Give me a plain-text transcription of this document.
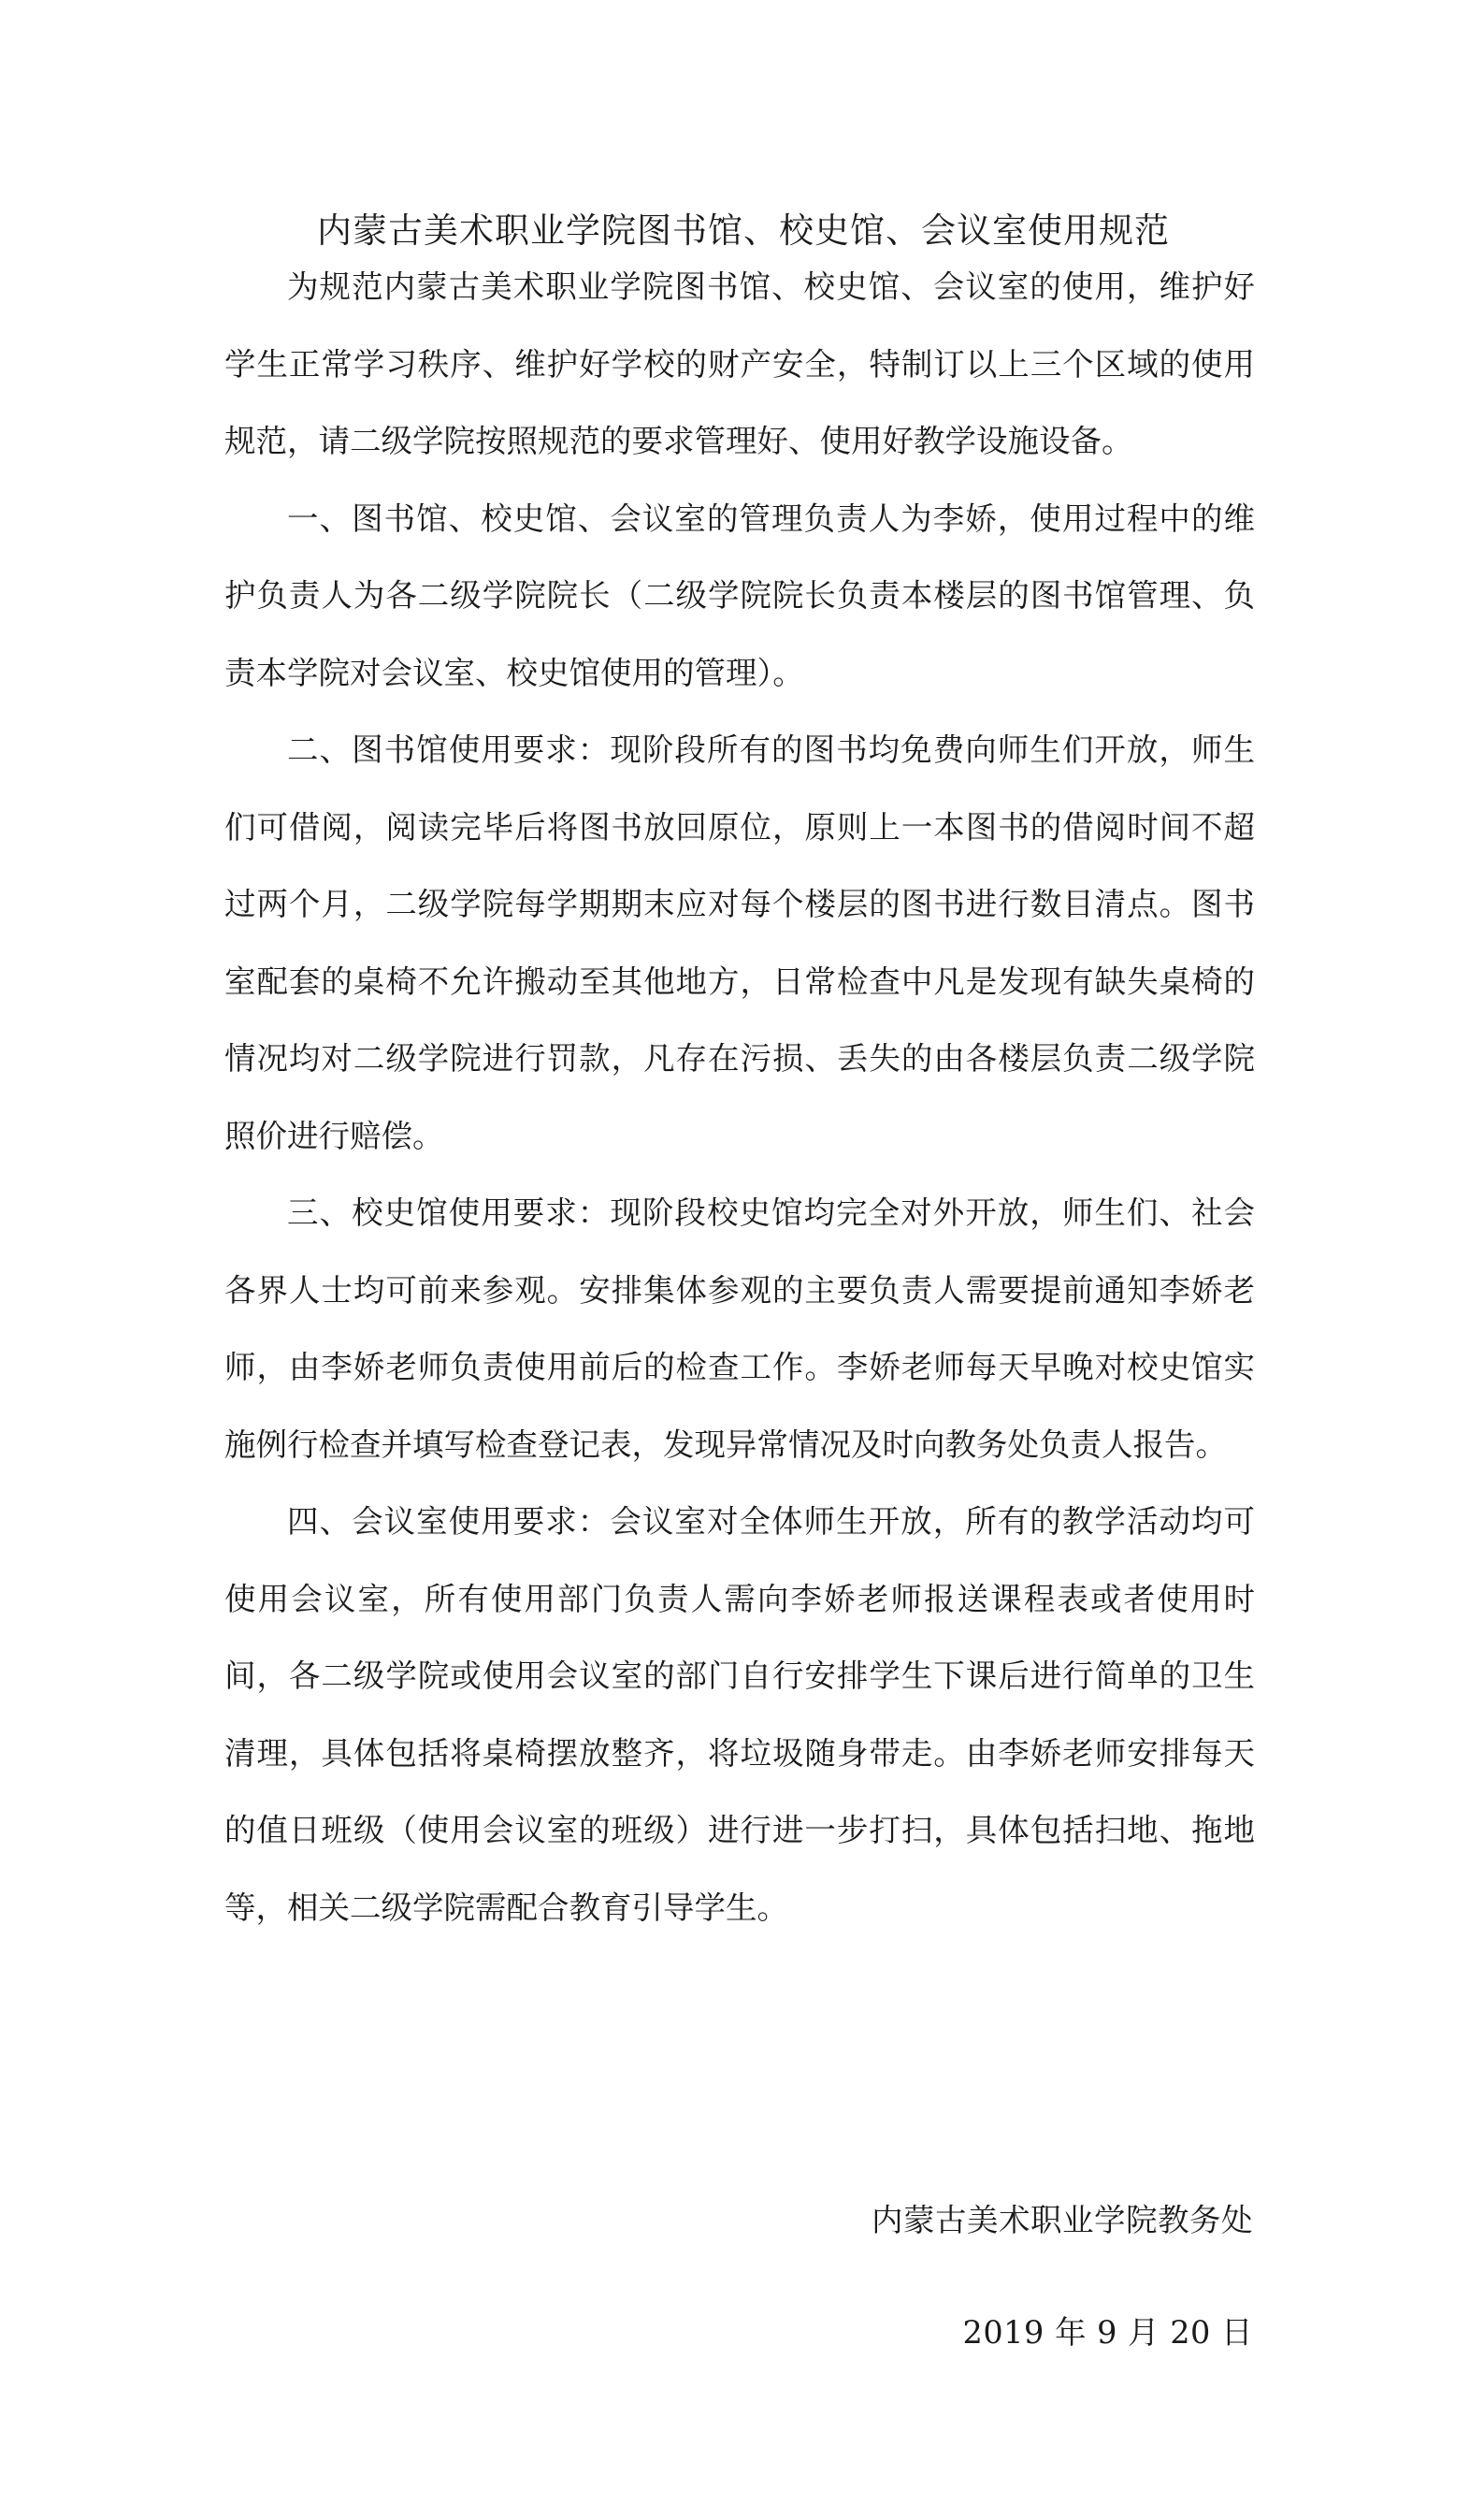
内蒙古美术职业学院图书馆、校史馆、会议室使用规范

为规范内蒙古美术职业学院图书馆、校史馆、会议室的使用，维护好学生正常学习秩序、维护好学校的财产安全，特制订以上三个区域的使用规范，请二级学院按照规范的要求管理好、使用好教学设施设备。

一、图书馆、校史馆、会议室的管理负责人为李娇，使用过程中的维护负责人为各二级学院院长（二级学院院长负责本楼层的图书馆管理、负责本学院对会议室、校史馆使用的管理）。

二、图书馆使用要求：现阶段所有的图书均免费向师生们开放，师生们可借阅，阅读完毕后将图书放回原位，原则上一本图书的借阅时间不超过两个月，二级学院每学期期末应对每个楼层的图书进行数目清点。图书室配套的桌椅不允许搬动至其他地方，日常检查中凡是发现有缺失桌椅的情况均对二级学院进行罚款，凡存在污损、丢失的由各楼层负责二级学院照价进行赔偿。

三、校史馆使用要求：现阶段校史馆均完全对外开放，师生们、社会各界人士均可前来参观。安排集体参观的主要负责人需要提前通知李娇老师，由李娇老师负责使用前后的检查工作。李娇老师每天早晚对校史馆实施例行检查并填写检查登记表，发现异常情况及时向教务处负责人报告。

四、会议室使用要求：会议室对全体师生开放，所有的教学活动均可使用会议室，所有使用部门负责人需向李娇老师报送课程表或者使用时间，各二级学院或使用会议室的部门自行安排学生下课后进行简单的卫生清理，具体包括将桌椅摆放整齐，将垃圾随身带走。由李娇老师安排每天的值日班级（使用会议室的班级）进行进一步打扫，具体包括扫地、拖地等，相关二级学院需配合教育引导学生。

内蒙古美术职业学院教务处
2019 年 9 月 20 日
